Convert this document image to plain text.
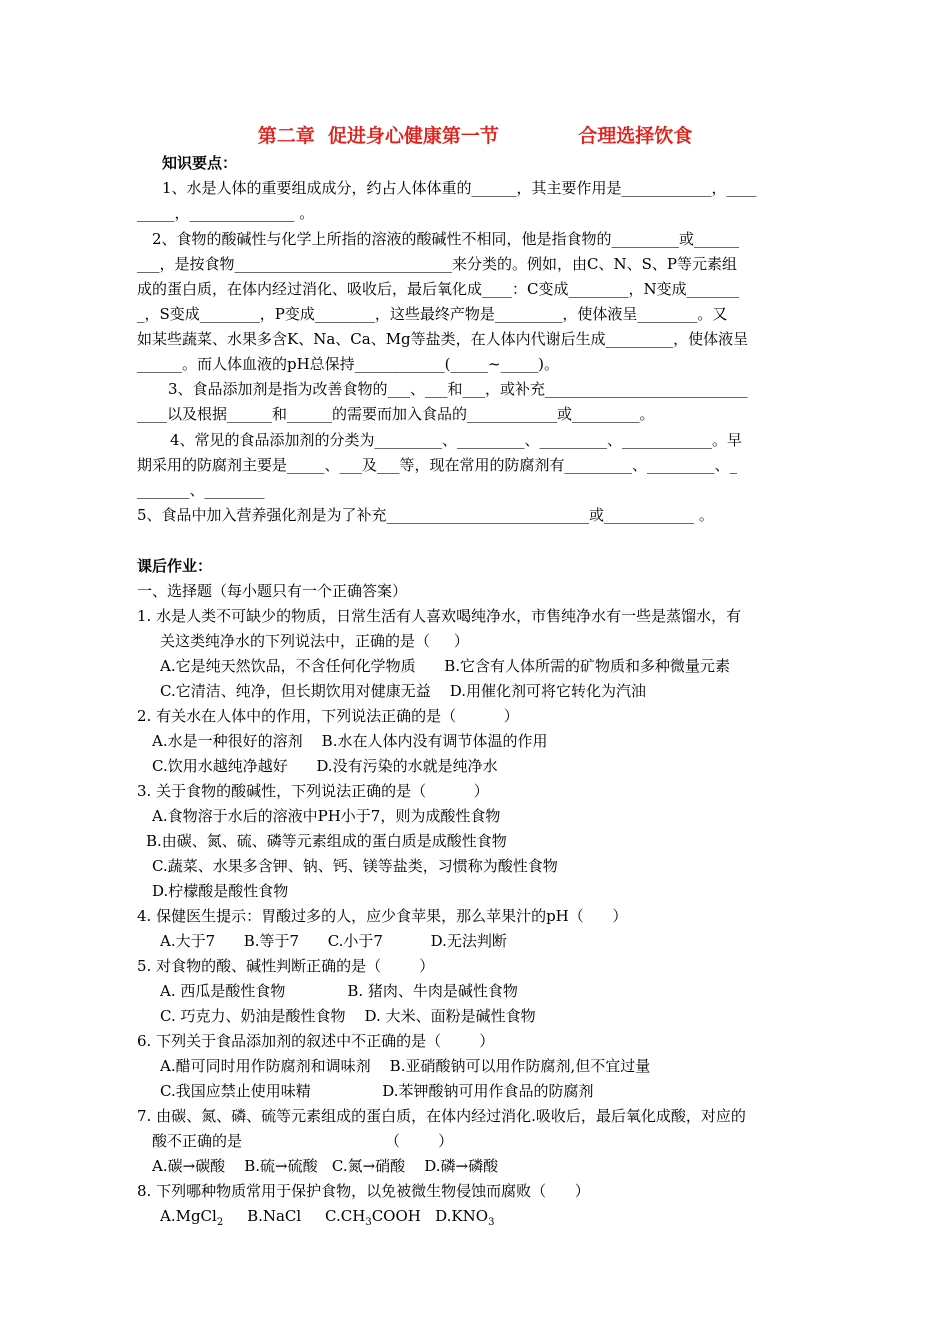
第二章  促进身心健康第一节            合理选择饮食
知识要点：
1、水是人体的重要组成成分，约占人体体重的______，其主要作用是____________，____
_____，______________ 。
2、食物的酸碱性与化学上所指的溶液的酸碱性不相同，他是指食物的_________或______
___，是按食物_____________________________来分类的。例如，由C、N、S、P等元素组
成的蛋白质，在体内经过消化、吸收后，最后氧化成____：C变成________，N变成_______
_，S变成________，P变成________，这些最终产物是_________，使体液呈________。又
如某些蔬菜、水果多含K、Na、Ca、Mg等盐类，在人体内代谢后生成_________，使体液呈
______。而人体血液的pH总保持____________(_____~_____)。
3、食品添加剂是指为改善食物的___、___和___，或补充___________________________
____以及根据______和______的需要而加入食品的____________或_________。
4、常见的食品添加剂的分类为_________、_________、_________、____________。早
期采用的防腐剂主要是_____、___及___等，现在常用的防腐剂有_________、_________、_
_______、________
5、食品中加入营养强化剂是为了补充___________________________或____________ 。
课后作业：
一、选择题（每小题只有一个正确答案）
1. 水是人类不可缺少的物质，日常生活有人喜欢喝纯净水，市售纯净水有一些是蒸馏水，有
关这类纯净水的下列说法中，正确的是（     ）
A.它是纯天然饮品，不含任何化学物质      B.它含有人体所需的矿物质和多种微量元素
C.它清洁、纯净，但长期饮用对健康无益    D.用催化剂可将它转化为汽油
2. 有关水在人体中的作用，下列说法正确的是（          ）
A.水是一种很好的溶剂    B.水在人体内没有调节体温的作用
C.饮用水越纯净越好      D.没有污染的水就是纯净水
3. 关于食物的酸碱性，下列说法正确的是（          ）
A.食物溶于水后的溶液中PH小于7，则为成酸性食物
B.由碳、氮、硫、磷等元素组成的蛋白质是成酸性食物
C.蔬菜、水果多含钾、钠、钙、镁等盐类，习惯称为酸性食物
D.柠檬酸是酸性食物
4. 保健医生提示：胃酸过多的人，应少食苹果，那么苹果汁的pH（      ）
A.大于7      B.等于7      C.小于7          D.无法判断
5. 对食物的酸、碱性判断正确的是（        ）
A. 西瓜是酸性食物             B. 猪肉、牛肉是碱性食物
C. 巧克力、奶油是酸性食物    D. 大米、面粉是碱性食物
6. 下列关于食品添加剂的叙述中不正确的是（        ）
A.醋可同时用作防腐剂和调味剂    B.亚硝酸钠可以用作防腐剂,但不宜过量
C.我国应禁止使用味精               D.苯钾酸钠可用作食品的防腐剂
7. 由碳、氮、磷、硫等元素组成的蛋白质，在体内经过消化.吸收后，最后氧化成酸，对应的
酸不正确的是                              （        ）
A.碳→碳酸    B.硫→硫酸   C.氮→硝酸    D.磷→磷酸
8. 下列哪种物质常用于保护食物，以免被微生物侵蚀而腐败（      ）
A.MgCl$_2$ B.NaCl $C.CH_3COOH$ $D.KNO_3$
